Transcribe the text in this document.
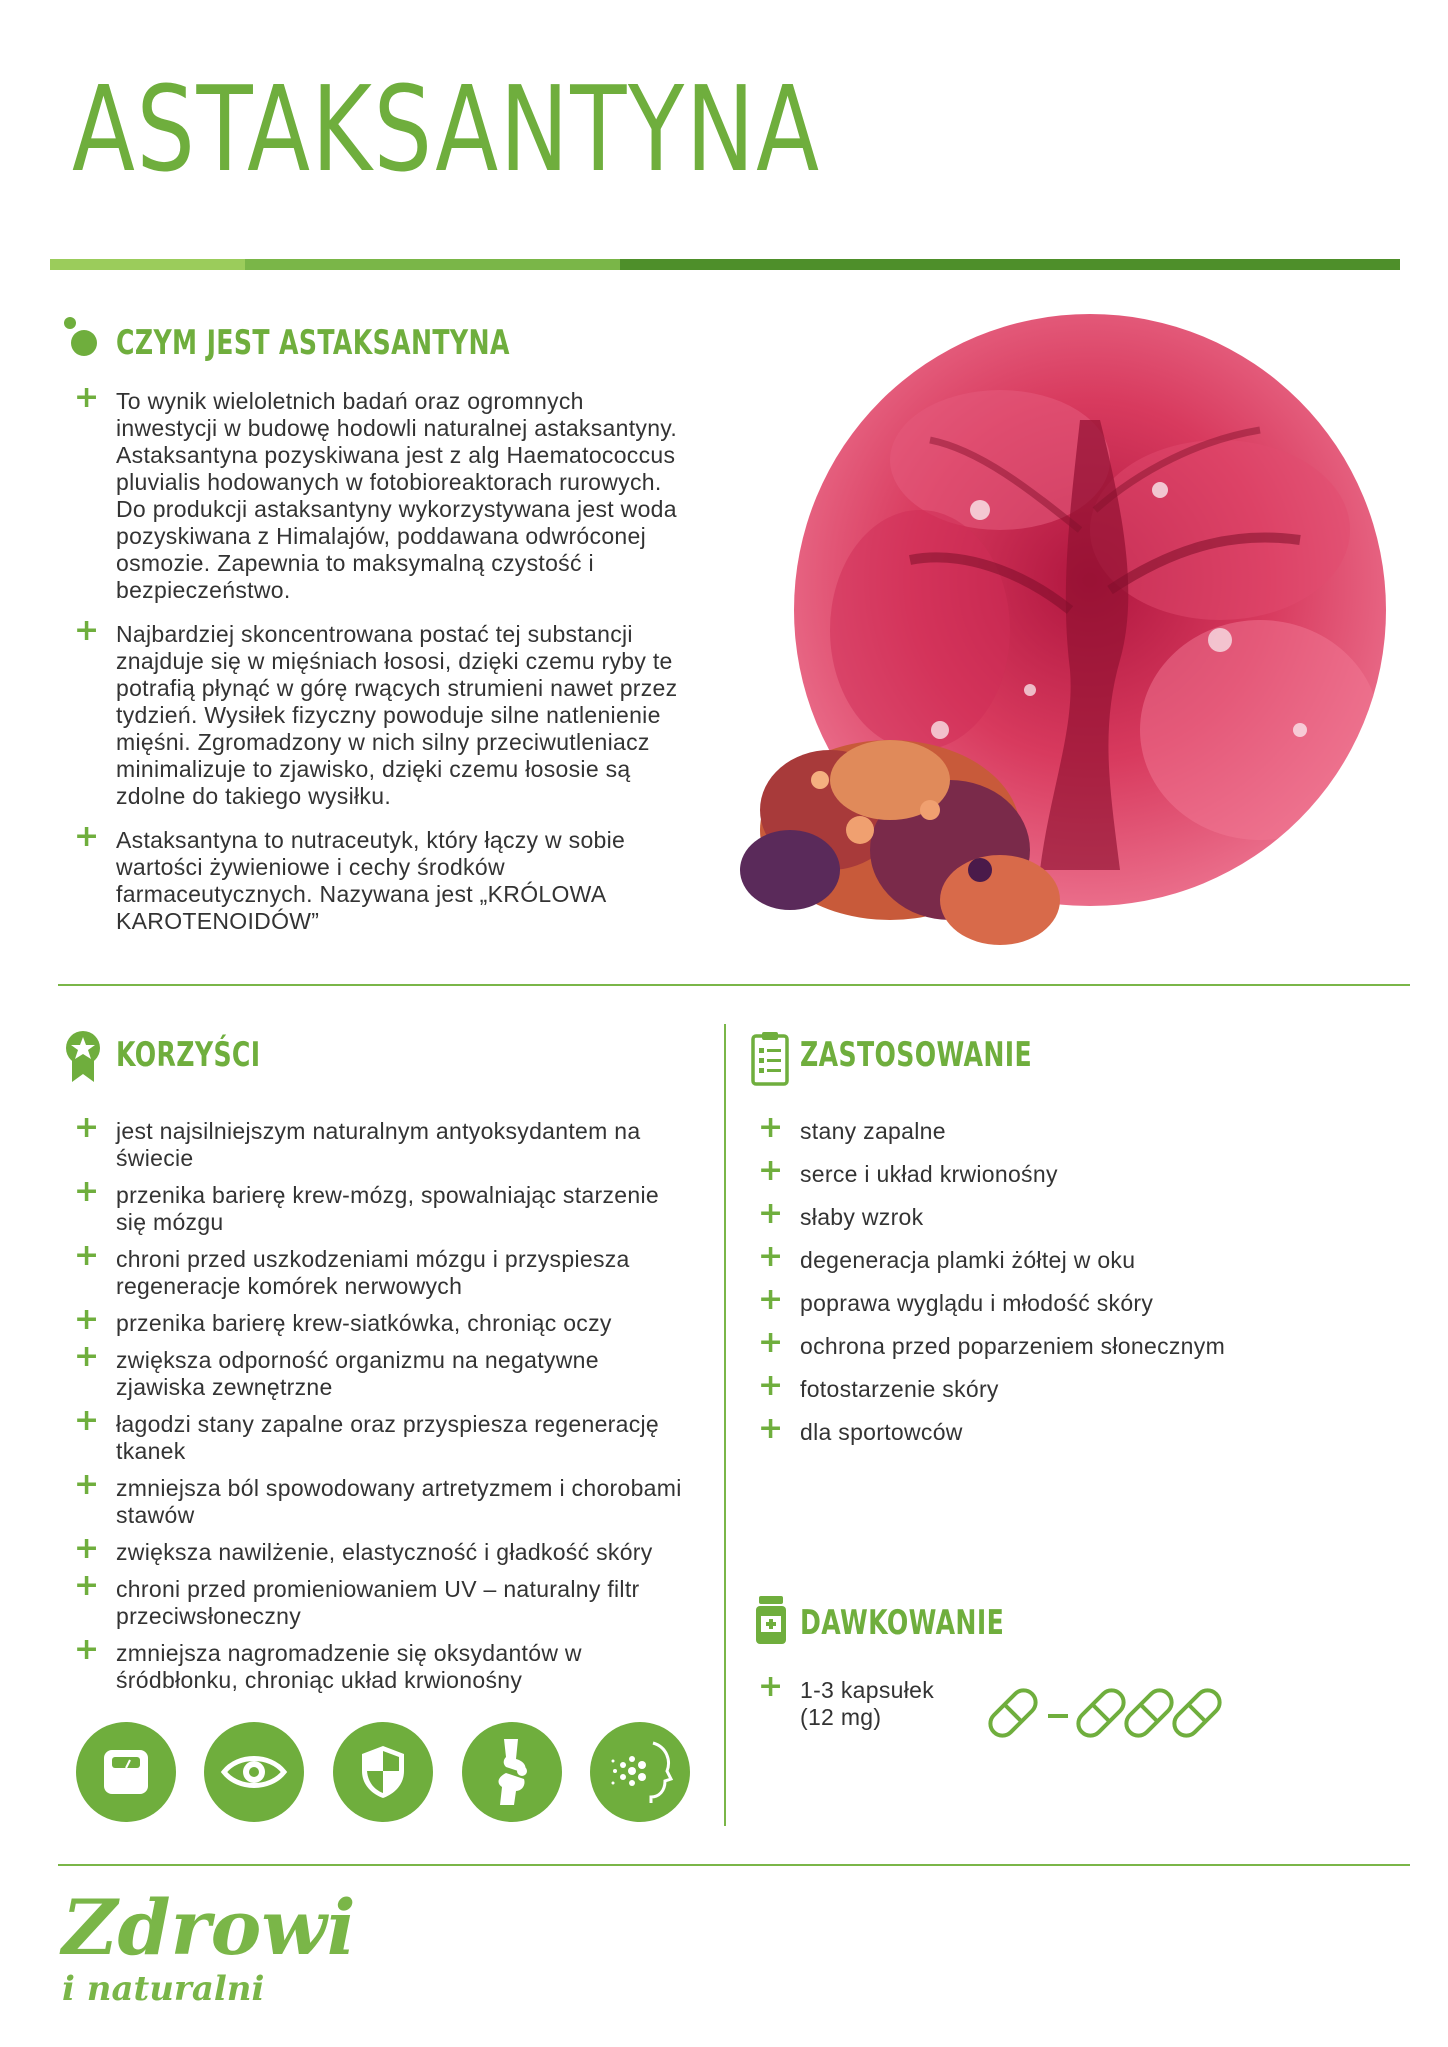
ASTAKSANTYNA
CZYM JEST ASTAKSANTYNA
+ To wynik wieloletnich badań oraz ogromnych inwestycji w budowę hodowli naturalnej astaksantyny. Astaksantyna pozyskiwana jest z alg Haematococcus pluvialis hodowanych w fotobioreaktorach rurowych. Do produkcji astaksantyny wykorzystywana jest woda pozyskiwana z Himalajów, poddawana odwróconej osmozie. Zapewnia to maksymalną czystość i bezpieczeństwo.
+ Najbardziej skoncentrowana postać tej substancji znajduje się w mięśniach łososi, dzięki czemu ryby te potrafią płynąć w górę rwących strumieni nawet przez tydzień. Wysiłek fizyczny powoduje silne natlenienie mięśni. Zgromadzony w nich silny przeciwutleniacz minimalizuje to zjawisko, dzięki czemu łososie są zdolne do takiego wysiłku.
+ Astaksantyna to nutraceutyk, który łączy w sobie wartości żywieniowe i cechy środków farmaceutycznych. Nazywana jest „KRÓLOWA KAROTENOIDÓW”
KORZYŚCI
+ jest najsilniejszym naturalnym antyoksydantem na świecie
+ przenika barierę krew-mózg, spowalniając starzenie się mózgu
+ chroni przed uszkodzeniami mózgu i przyspiesza regeneracje komórek nerwowych
+ przenika barierę krew-siatkówka, chroniąc oczy
+ zwiększa odporność organizmu na negatywne zjawiska zewnętrzne
+ łagodzi stany zapalne oraz przyspiesza regenerację tkanek
+ zmniejsza ból spowodowany artretyzmem i chorobami stawów
+ zwiększa nawilżenie, elastyczność i gładkość skóry
+ chroni przed promieniowaniem UV – naturalny filtr przeciwsłoneczny
+ zmniejsza nagromadzenie się oksydantów w śródbłonku, chroniąc układ krwionośny
ZASTOSOWANIE
+ stany zapalne
+ serce i układ krwionośny
+ słaby wzrok
+ degeneracja plamki żółtej w oku
+ poprawa wyglądu i młodość skóry
+ ochrona przed poparzeniem słonecznym
+ fotostarzenie skóry
+ dla sportowców
DAWKOWANIE
+ 1-3 kapsułek
(12 mg)
Zdrowi
i naturalni
